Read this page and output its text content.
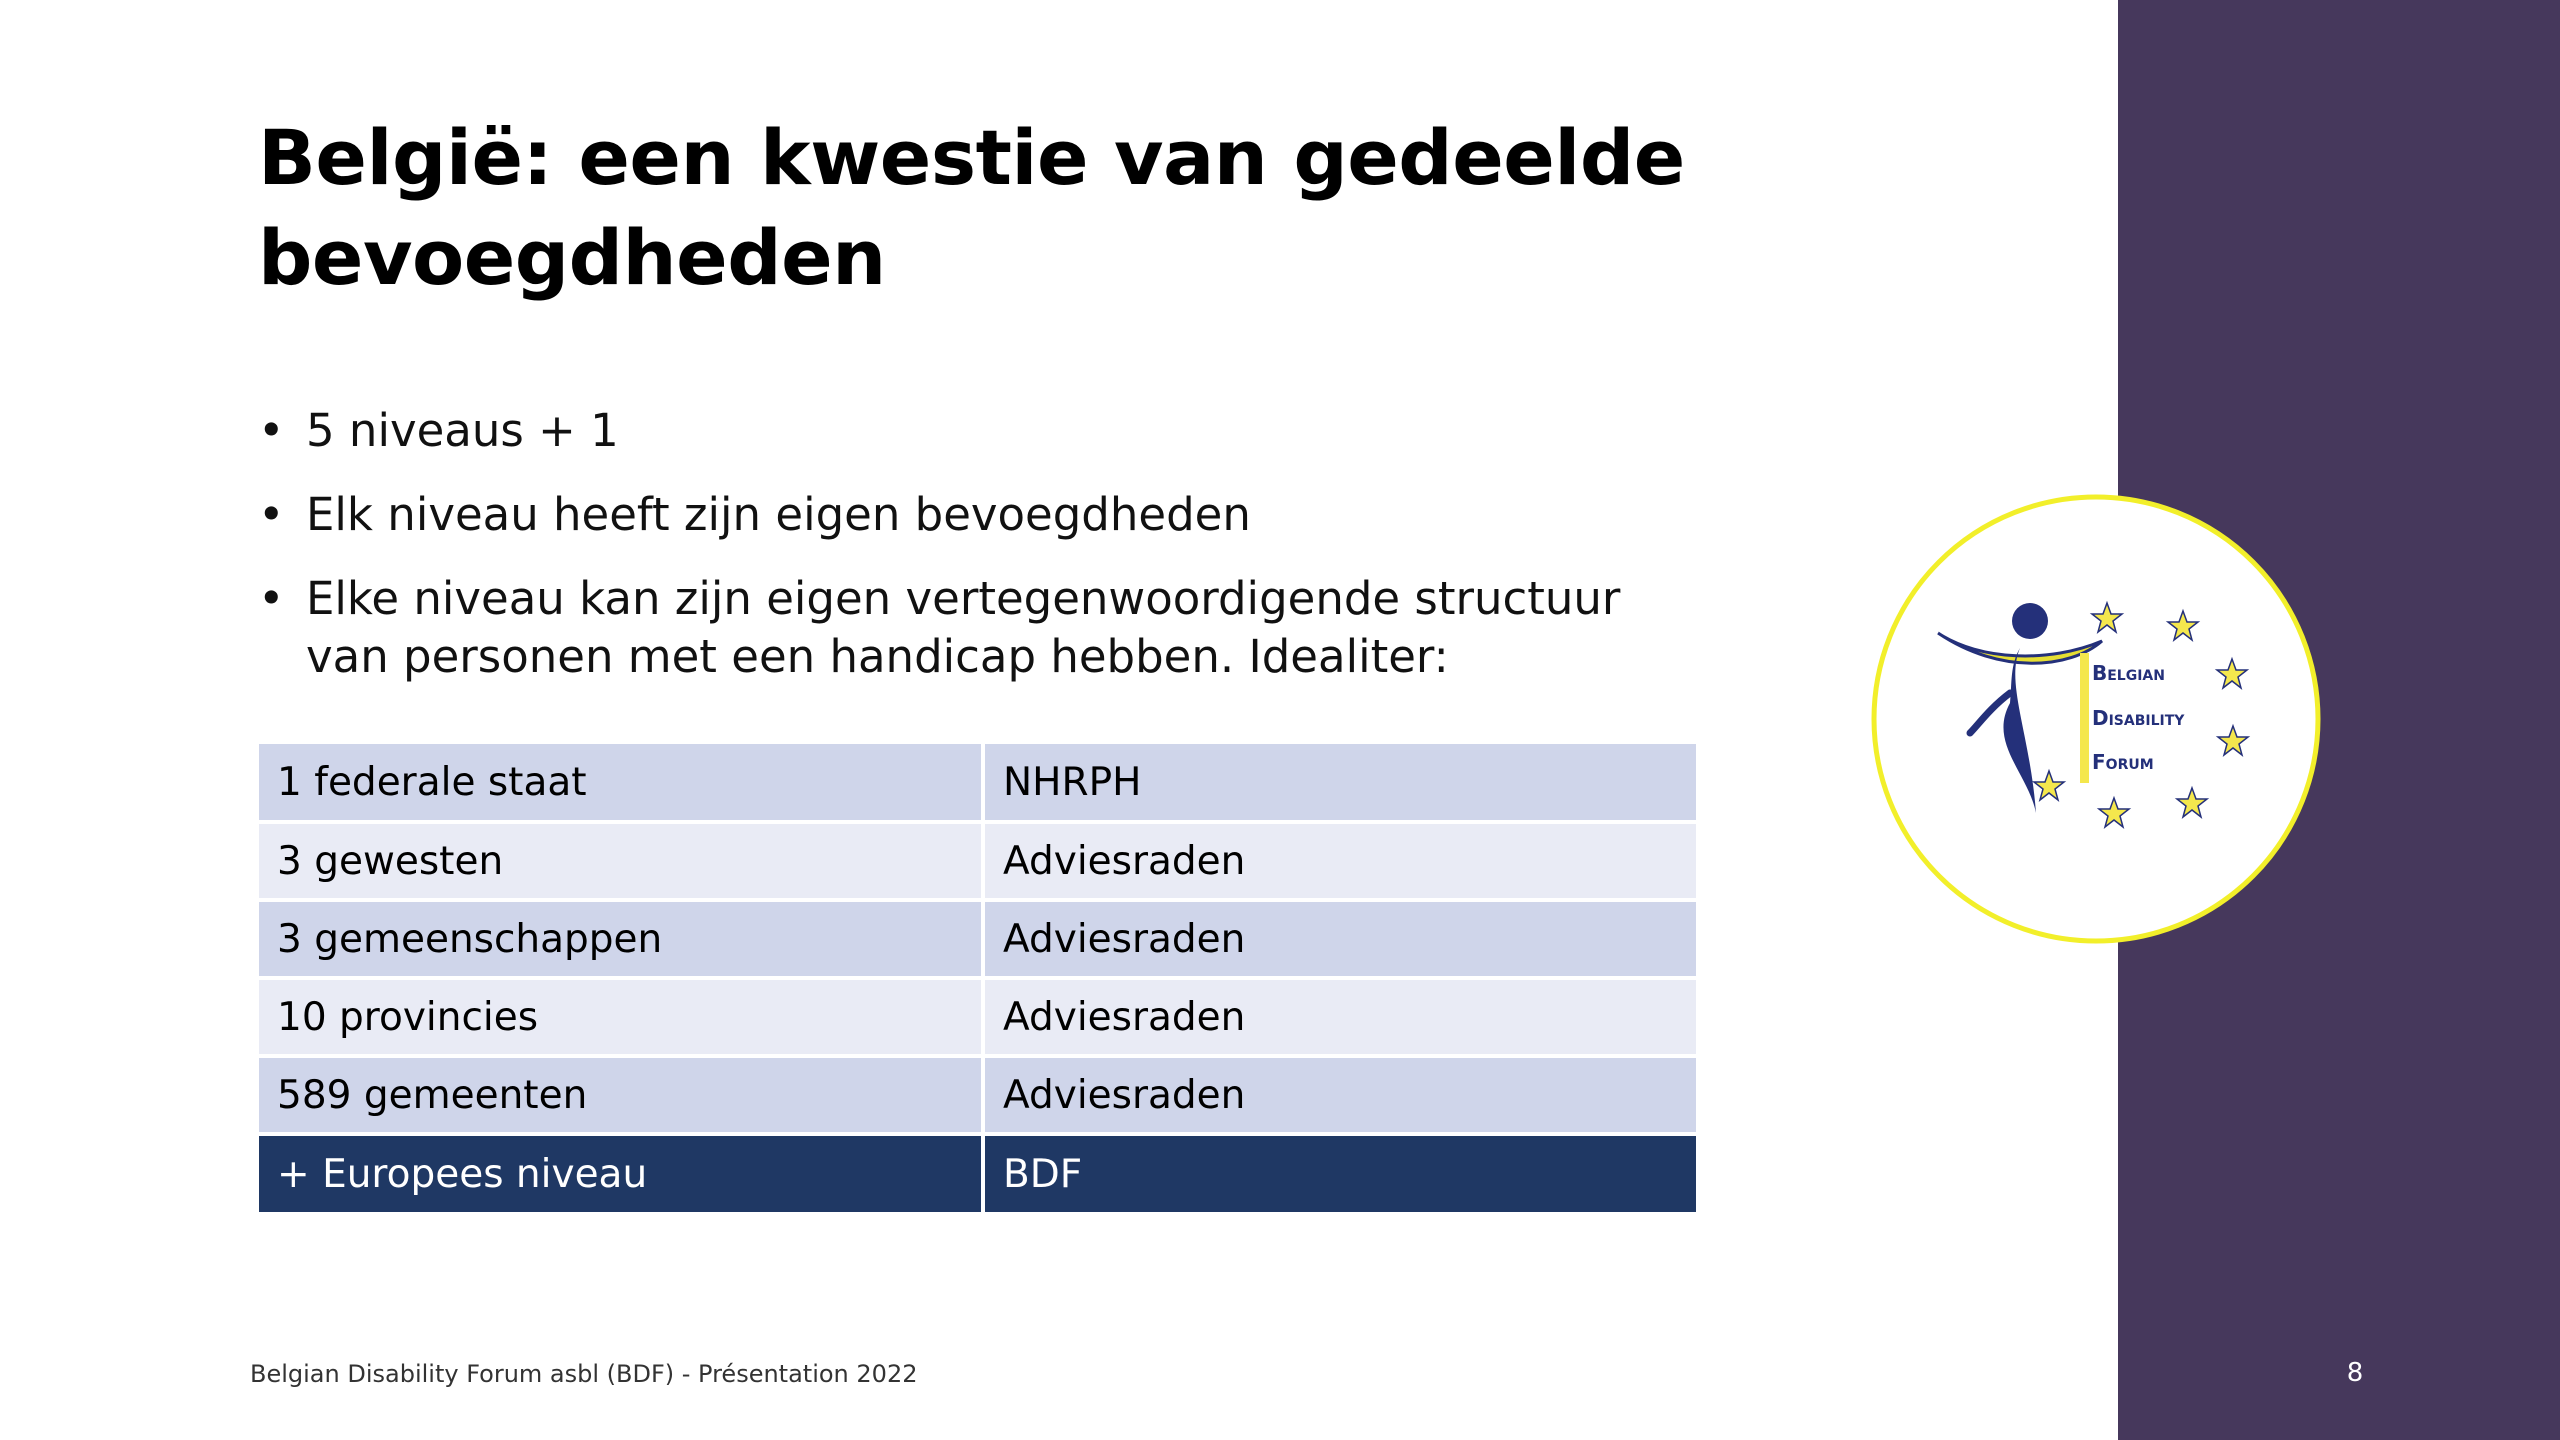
België: een kwestie van gedeelde
bevoegdheden
• 5 niveaus + 1
• Elk niveau heeft zijn eigen bevoegdheden
• Elke niveau kan zijn eigen vertegenwoordigende structuur van personen met een handicap hebben. Idealiter:
1 federale staat	NHRPH
3 gewesten	Adviesraden
3 gemeenschappen	Adviesraden
10 provincies	Adviesraden
589 gemeenten	Adviesraden
+ Europees niveau	BDF
Belgian
Disability
Forum
Belgian Disability Forum asbl (BDF) - Présentation 2022	8
